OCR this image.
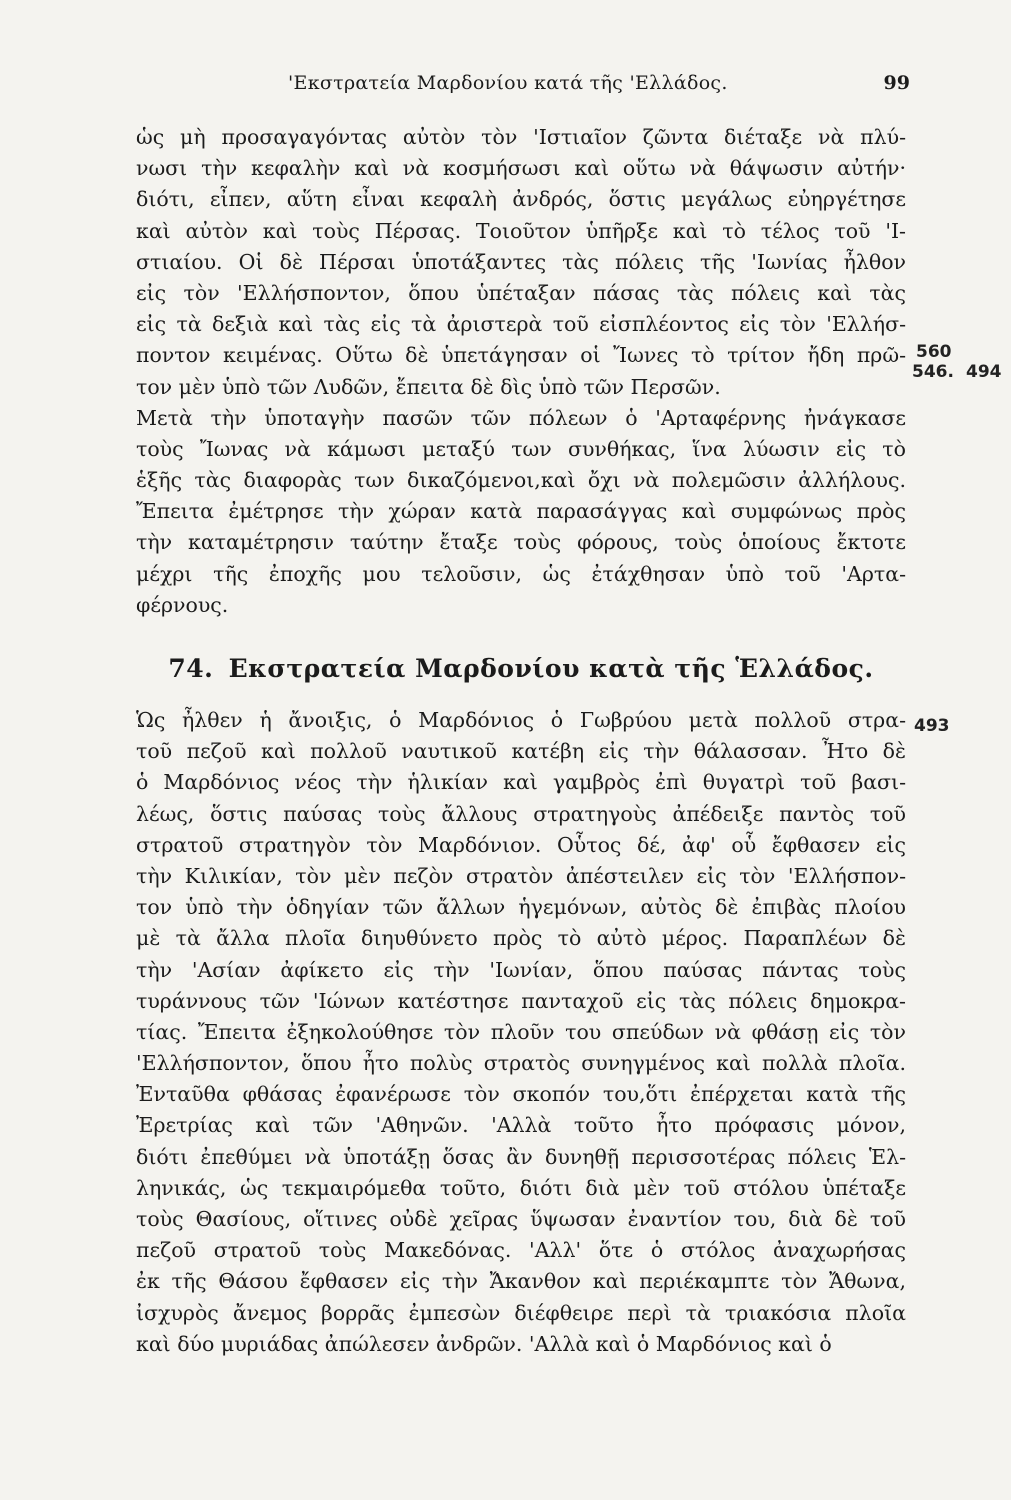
'Εκστρατεία Μαρδονίου κατά τῆς 'Ελλάδος.	99

ὡς μὴ προσαγαγόντας αὐτὸν τὸν 'Ιστιαῖον ζῶντα διέταξε νὰ πλύ-

νωσι τὴν κεφαλὴν καὶ νὰ κοσμήσωσι καὶ οὕτω νὰ θάψωσιν αὐτήν·

διότι, εἶπεν, αὕτη εἶναι κεφαλὴ ἀνδρός, ὅστις μεγάλως εὐηργέτησε

καὶ αὐτὸν καὶ τοὺς Πέρσας. Τοιοῦτον ὑπῆρξε καὶ τὸ τέλος τοῦ 'Ι-

στιαίου. Οἱ δὲ Πέρσαι ὑποτάξαντες τὰς πόλεις τῆς 'Ιωνίας ἦλθον

εἰς τὸν 'Ελλήσποντον, ὅπου ὑπέταξαν πάσας τὰς πόλεις καὶ τὰς

εἰς τὰ δεξιὰ καὶ τὰς εἰς τὰ ἀριστερὰ τοῦ εἰσπλέοντος εἰς τὸν 'Ελλήσ-

ποντον κειμένας. Οὕτω δὲ ὑπετάγησαν οἱ Ἴωνες τὸ τρίτον ἤδη πρῶ-

τον μὲν ὑπὸ τῶν Λυδῶν, ἔπειτα δὲ δὶς ὑπὸ τῶν Περσῶν.

Μετὰ τὴν ὑποταγὴν πασῶν τῶν πόλεων ὁ 'Αρταφέρνης ἠνάγκασε

τοὺς Ἴωνας νὰ κάμωσι μεταξύ των συνθήκας, ἵνα λύωσιν εἰς τὸ

ἑξῆς τὰς διαφορὰς των δικαζόμενοι,καὶ ὄχι νὰ πολεμῶσιν ἀλλήλους.

Ἔπειτα ἐμέτρησε τὴν χώραν κατὰ παρασάγγας καὶ συμφώνως πρὸς

τὴν καταμέτρησιν ταύτην ἔταξε τοὺς φόρους, τοὺς ὁποίους ἔκτοτε

μέχρι τῆς ἐποχῆς μου τελοῦσιν, ὡς ἐτάχθησαν ὑπὸ τοῦ 'Αρτα-

φέρνους.

74. Εκστρατεία Μαρδονίου κατὰ τῆς Ἑλλάδος.

Ὡς ἦλθεν ἡ ἄνοιξις, ὁ Μαρδόνιος ὁ Γωβρύου μετὰ πολλοῦ στρα-

τοῦ πεζοῦ καὶ πολλοῦ ναυτικοῦ κατέβη εἰς τὴν θάλασσαν. Ἦτο δὲ

ὁ Μαρδόνιος νέος τὴν ἡλικίαν καὶ γαμβρὸς ἐπὶ θυγατρὶ τοῦ βασι-

λέως, ὅστις παύσας τοὺς ἄλλους στρατηγοὺς ἀπέδειξε παντὸς τοῦ

στρατοῦ στρατηγὸν τὸν Μαρδόνιον. Οὗτος δέ, ἀφ' οὗ ἔφθασεν εἰς

τὴν Κιλικίαν, τὸν μὲν πεζὸν στρατὸν ἀπέστειλεν εἰς τὸν 'Ελλήσπον-

τον ὑπὸ τὴν ὁδηγίαν τῶν ἄλλων ἡγεμόνων, αὐτὸς δὲ ἐπιβὰς πλοίου

μὲ τὰ ἄλλα πλοῖα διηυθύνετο πρὸς τὸ αὐτὸ μέρος. Παραπλέων δὲ

τὴν 'Ασίαν ἀφίκετο εἰς τὴν 'Ιωνίαν, ὅπου παύσας πάντας τοὺς

τυράννους τῶν 'Ιώνων κατέστησε πανταχοῦ εἰς τὰς πόλεις δημοκρα-

τίας. Ἔπειτα ἐξηκολούθησε τὸν πλοῦν του σπεύδων νὰ φθάσῃ εἰς τὸν

'Ελλήσποντον, ὅπου ἦτο πολὺς στρατὸς συνηγμένος καὶ πολλὰ πλοῖα.

Ἐνταῦθα φθάσας ἐφανέρωσε τὸν σκοπόν του,ὅτι ἐπέρχεται κατὰ τῆς

Ἐρετρίας καὶ τῶν 'Αθηνῶν. 'Αλλὰ τοῦτο ἦτο πρόφασις μόνον,

διότι ἐπεθύμει νὰ ὑποτάξῃ ὅσας ἂν δυνηθῇ περισσοτέρας πόλεις Ἑλ-

ληνικάς, ὡς τεκμαιρόμεθα τοῦτο, διότι διὰ μὲν τοῦ στόλου ὑπέταξε

τοὺς Θασίους, οἵτινες οὐδὲ χεῖρας ὕψωσαν ἐναντίον του, διὰ δὲ τοῦ

πεζοῦ στρατοῦ τοὺς Μακεδόνας. 'Αλλ' ὅτε ὁ στόλος ἀναχωρήσας

ἐκ τῆς Θάσου ἔφθασεν εἰς τὴν Ἄκανθον καὶ περιέκαμπτε τὸν Ἄθωνα,

ἰσχυρὸς ἄνεμος βορρᾶς ἐμπεσὼν διέφθειρε περὶ τὰ τριακόσια πλοῖα

καὶ δύο μυριάδας ἀπώλεσεν ἀνδρῶν. 'Αλλὰ καὶ ὁ Μαρδόνιος καὶ ὁ

560
546. 494
493
